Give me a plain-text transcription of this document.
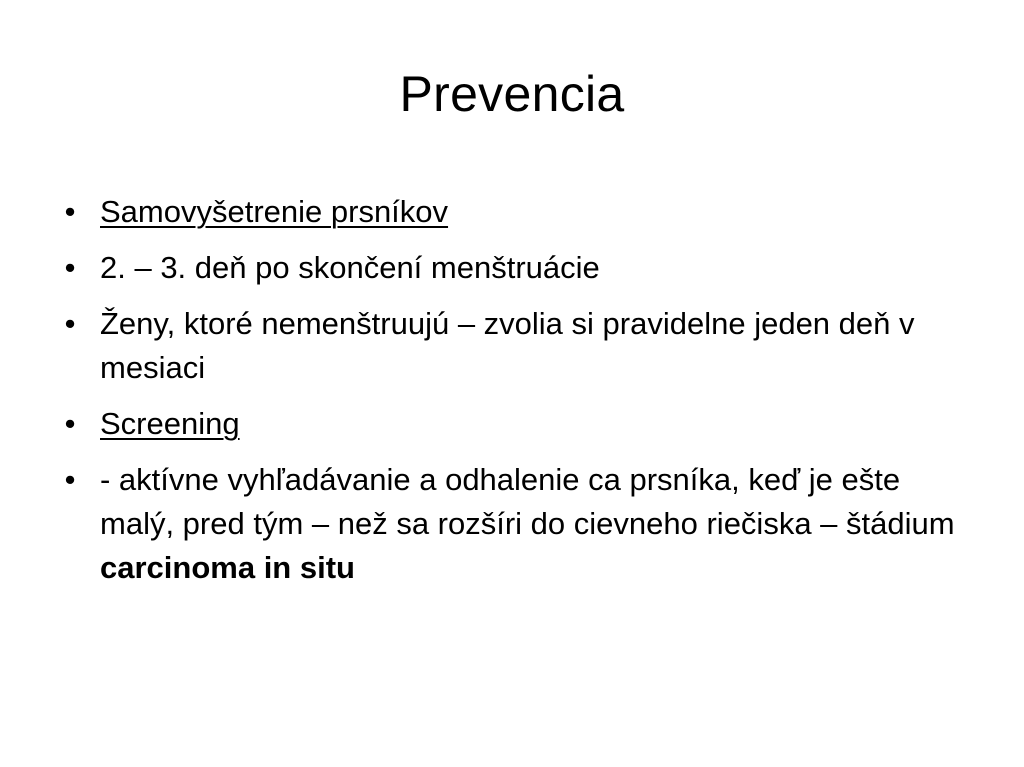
Prevencia
• Samovyšetrenie prsníkov
• 2. – 3. deň po skončení menštruácie
• Ženy, ktoré nemenštruujú – zvolia si pravidelne jeden deň v mesiaci
• Screening
• - aktívne vyhľadávanie a odhalenie ca prsníka, keď je ešte malý, pred tým – než sa rozšíri do cievneho riečiska – štádium carcinoma in situ
